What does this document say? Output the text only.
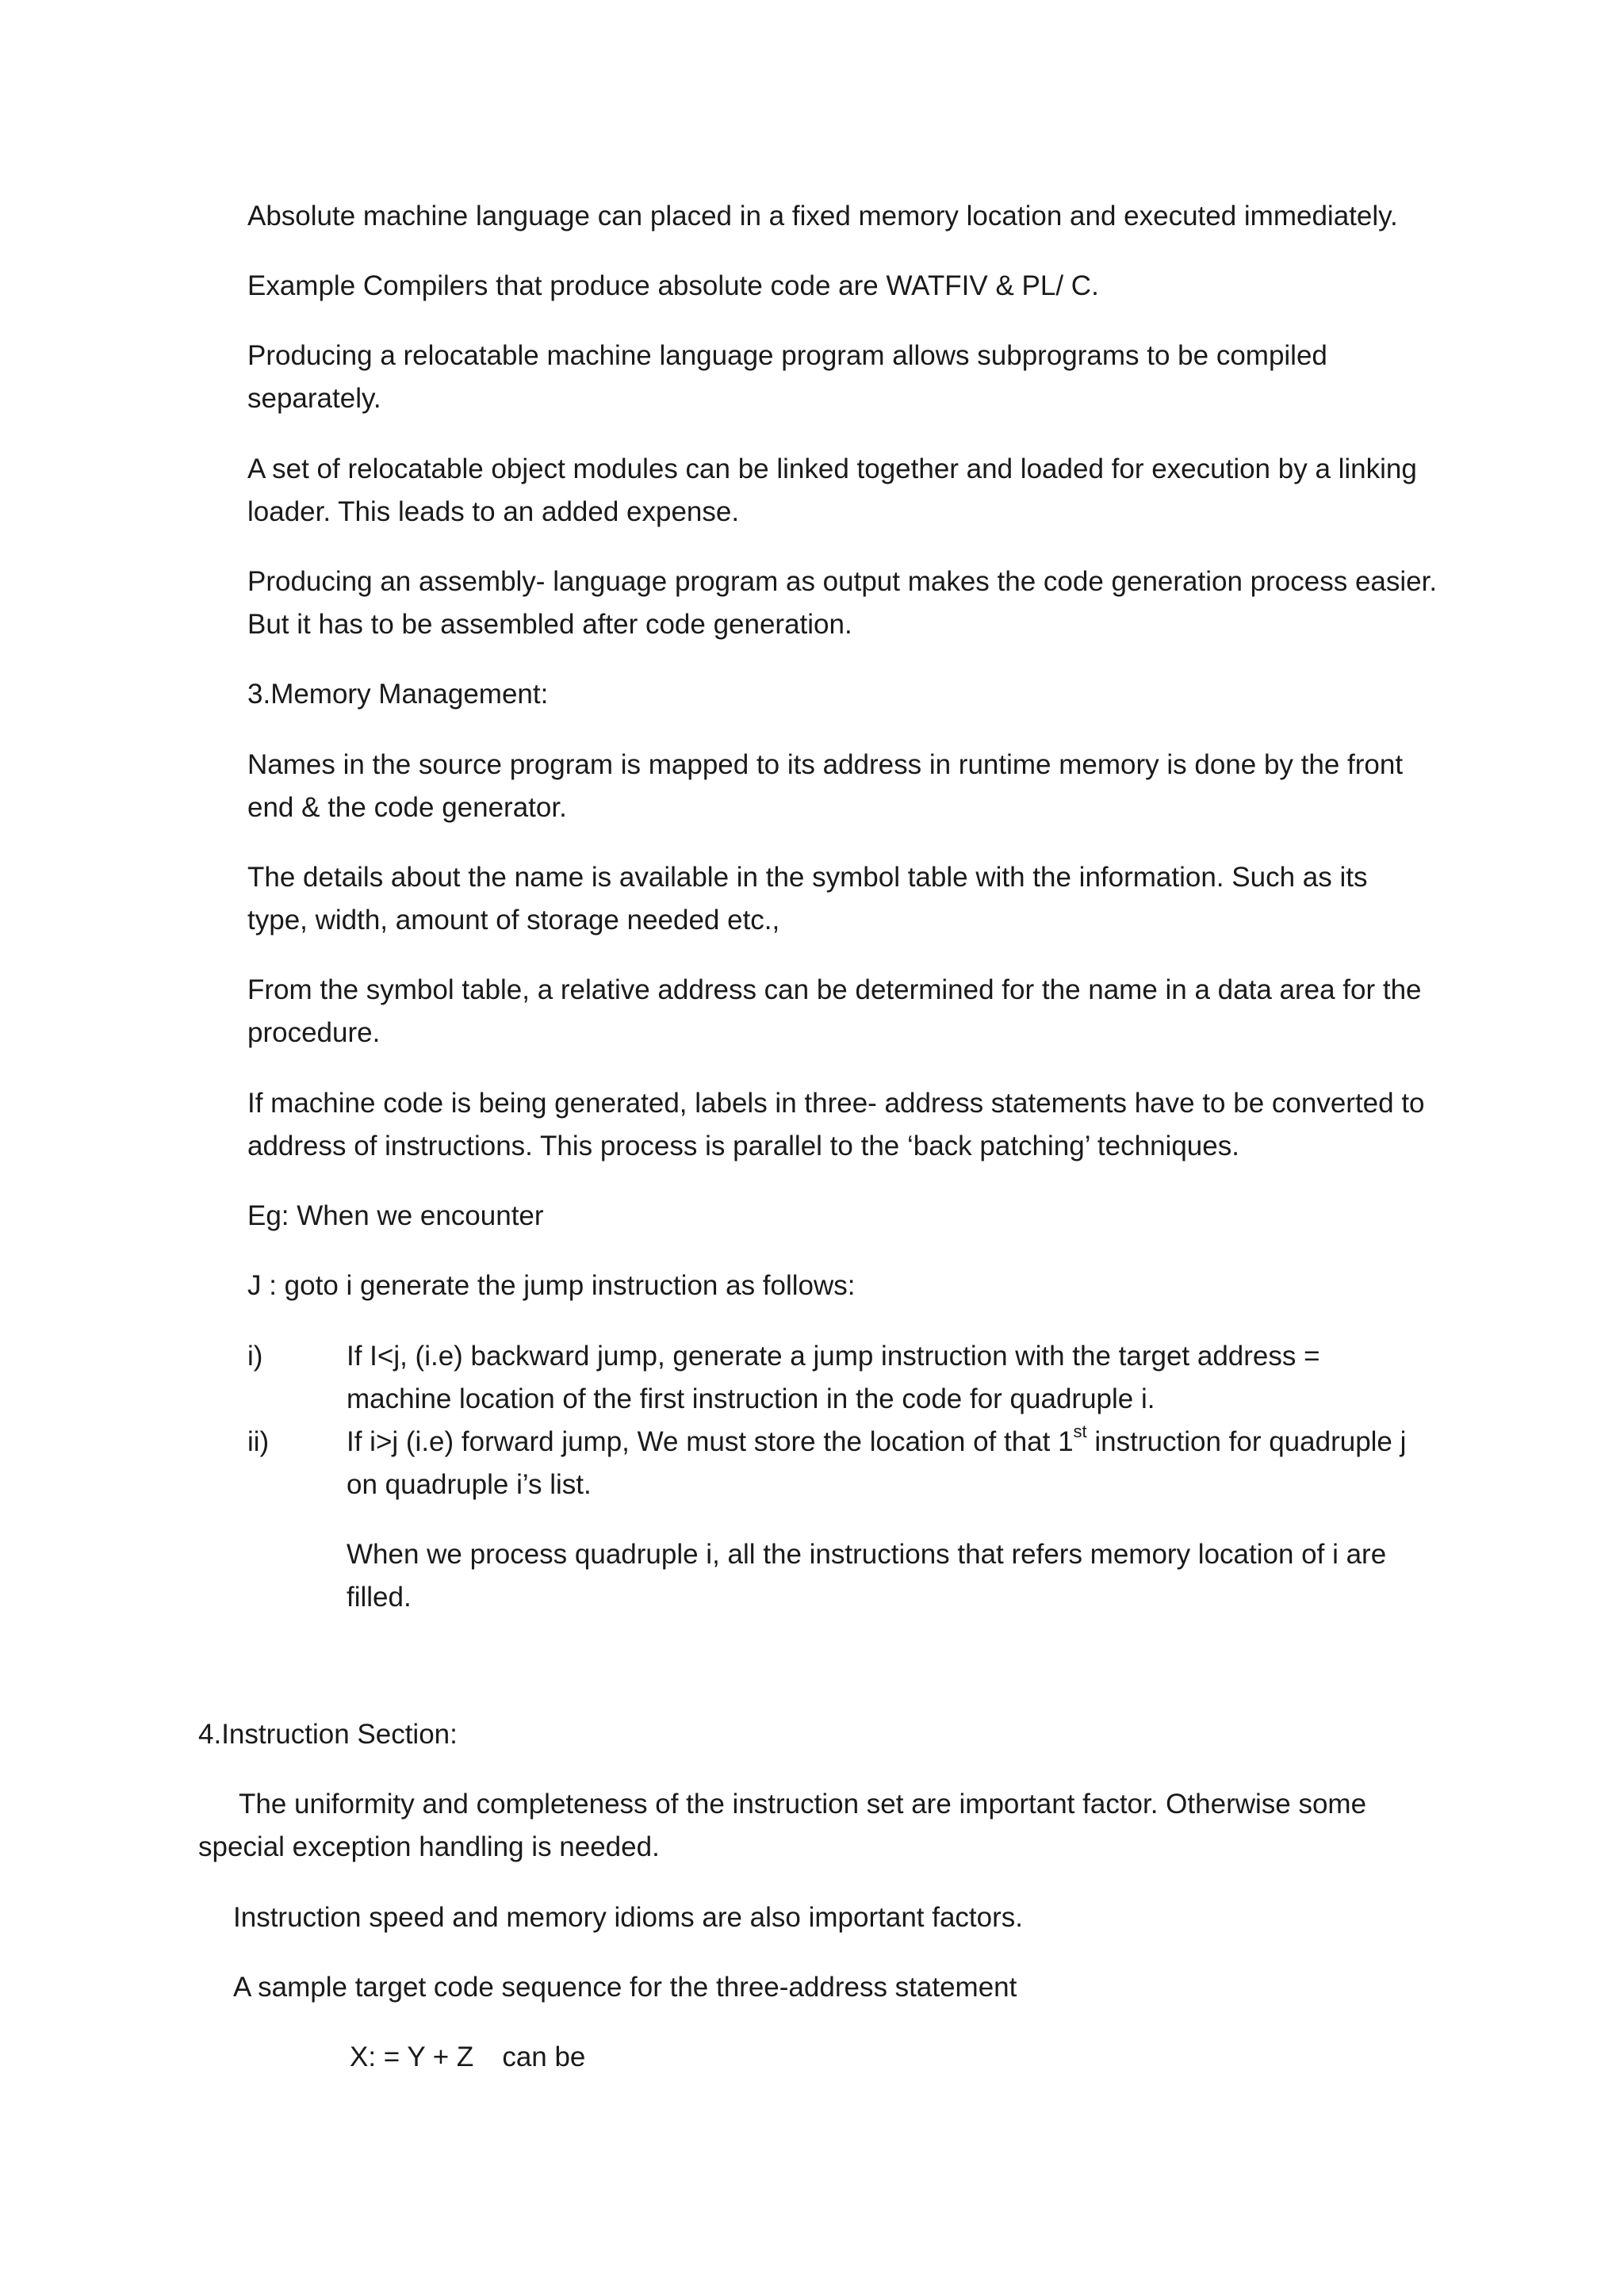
Absolute machine language can placed in a fixed memory location and executed immediately.

Example Compilers that produce absolute code are WATFIV & PL/ C.

Producing a relocatable machine language program allows subprograms to be compiled

separately.

A set of relocatable object modules can be linked together and loaded for execution by a linking

loader. This leads to an added expense.

Producing an assembly- language program as output makes the code generation process easier.

But it has to be assembled after code generation.

3.Memory Management:

Names in the source program is mapped to its address in runtime memory is done by the front

end & the code generator.

The details about the name is available in the symbol table with the information. Such as its

type, width, amount of storage needed etc.,

From the symbol table, a relative address can be determined for the name in a data area for the

procedure.

If machine code is being generated, labels in three- address statements have to be converted to

address of instructions. This process is parallel to the ‘back patching’ techniques.

Eg: When we encounter

J : goto i generate the jump instruction as follows:

i)	If I<j, (i.e) backward jump, generate a jump instruction with the target address =

machine location of the first instruction in the code for quadruple i.

ii)	If i>j (i.e) forward jump, We must store the location of that 1st instruction for quadruple j

on quadruple i’s list.

When we process quadruple i, all the instructions that refers memory location of i are

filled.

4.Instruction Section:

The uniformity and completeness of the instruction set are important factor. Otherwise some

special exception handling is needed.

Instruction speed and memory idioms are also important factors.

A sample target code sequence for the three-address statement

X: = Y + Z can be
